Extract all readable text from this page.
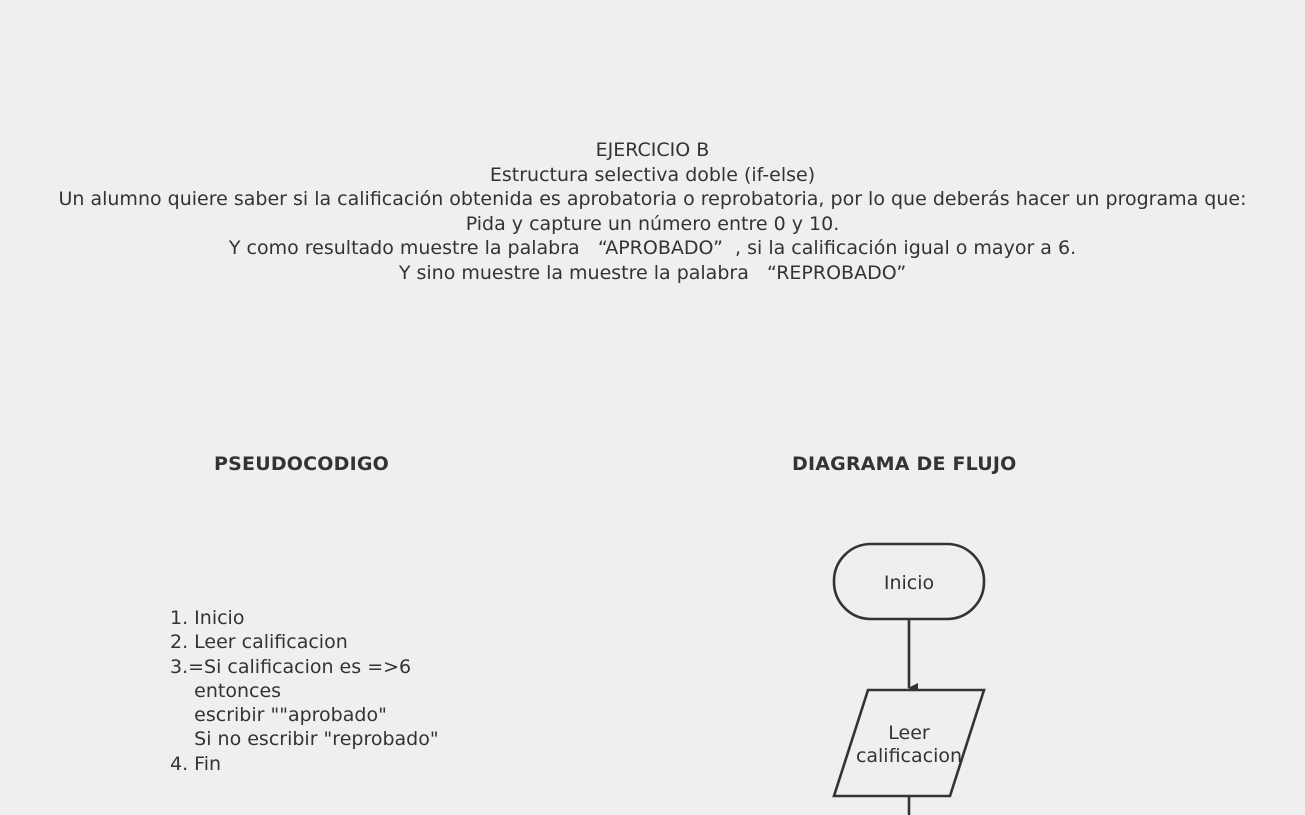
EJERCICIO B
Estructura selectiva doble (if-else)
Un alumno quiere saber si la calificación obtenida es aprobatoria o reprobatoria, por lo que deberás hacer un programa que:
Pida y capture un número entre 0 y 10.
Y como resultado muestre la palabra   “APROBADO”  , si la calificación igual o mayor a 6.
Y sino muestre la muestre la palabra   “REPROBADO”
PSEUDOCODIGO	DIAGRAMA DE FLUJO
1. Inicio
2. Leer calificacion
3.=Si calificacion es =>6
entonces
escribir ""aprobado"
Si no escribir "reprobado"
4. Fin
Inicio
Leer
calificacion
